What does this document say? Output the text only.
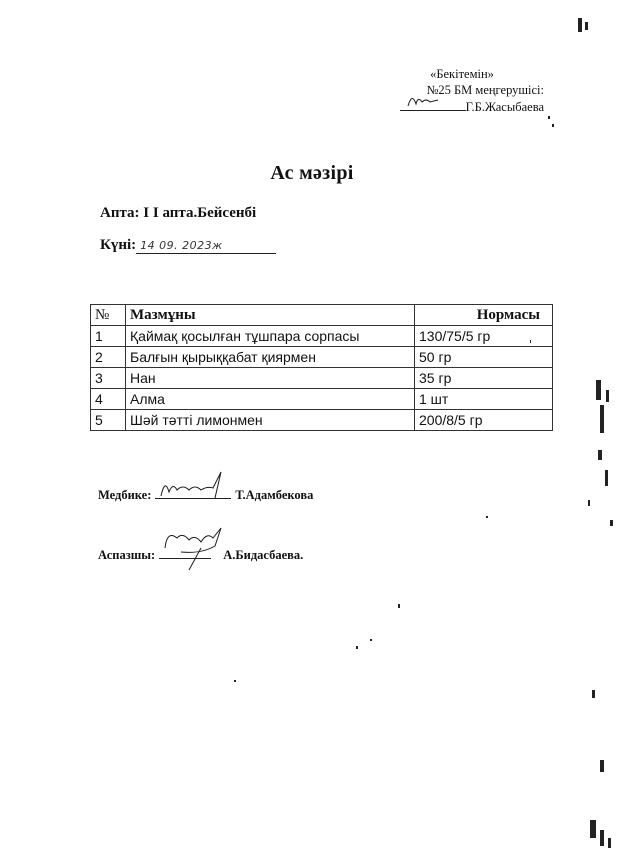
«Бекітемін»
№25 БМ меңгерушісі:
Г.Б.Жасыбаева
Ас мәзірі
Апта: І І апта.Бейсенбі
Күні: 14 09. 2023ж
№	Мазмұны	Нормасы
1	Қаймақ қосылған тұшпара сорпасы	130/75/5 гр
2	Балғын қырыққабат қиярмен	50 гр
3	Нан	35 гр
4	Алма	1 шт
5	Шәй тәтті лимонмен	200/8/5 гр
Медбике:	Т.Адамбекова
Аспазшы:	А.Бидасбаева.
